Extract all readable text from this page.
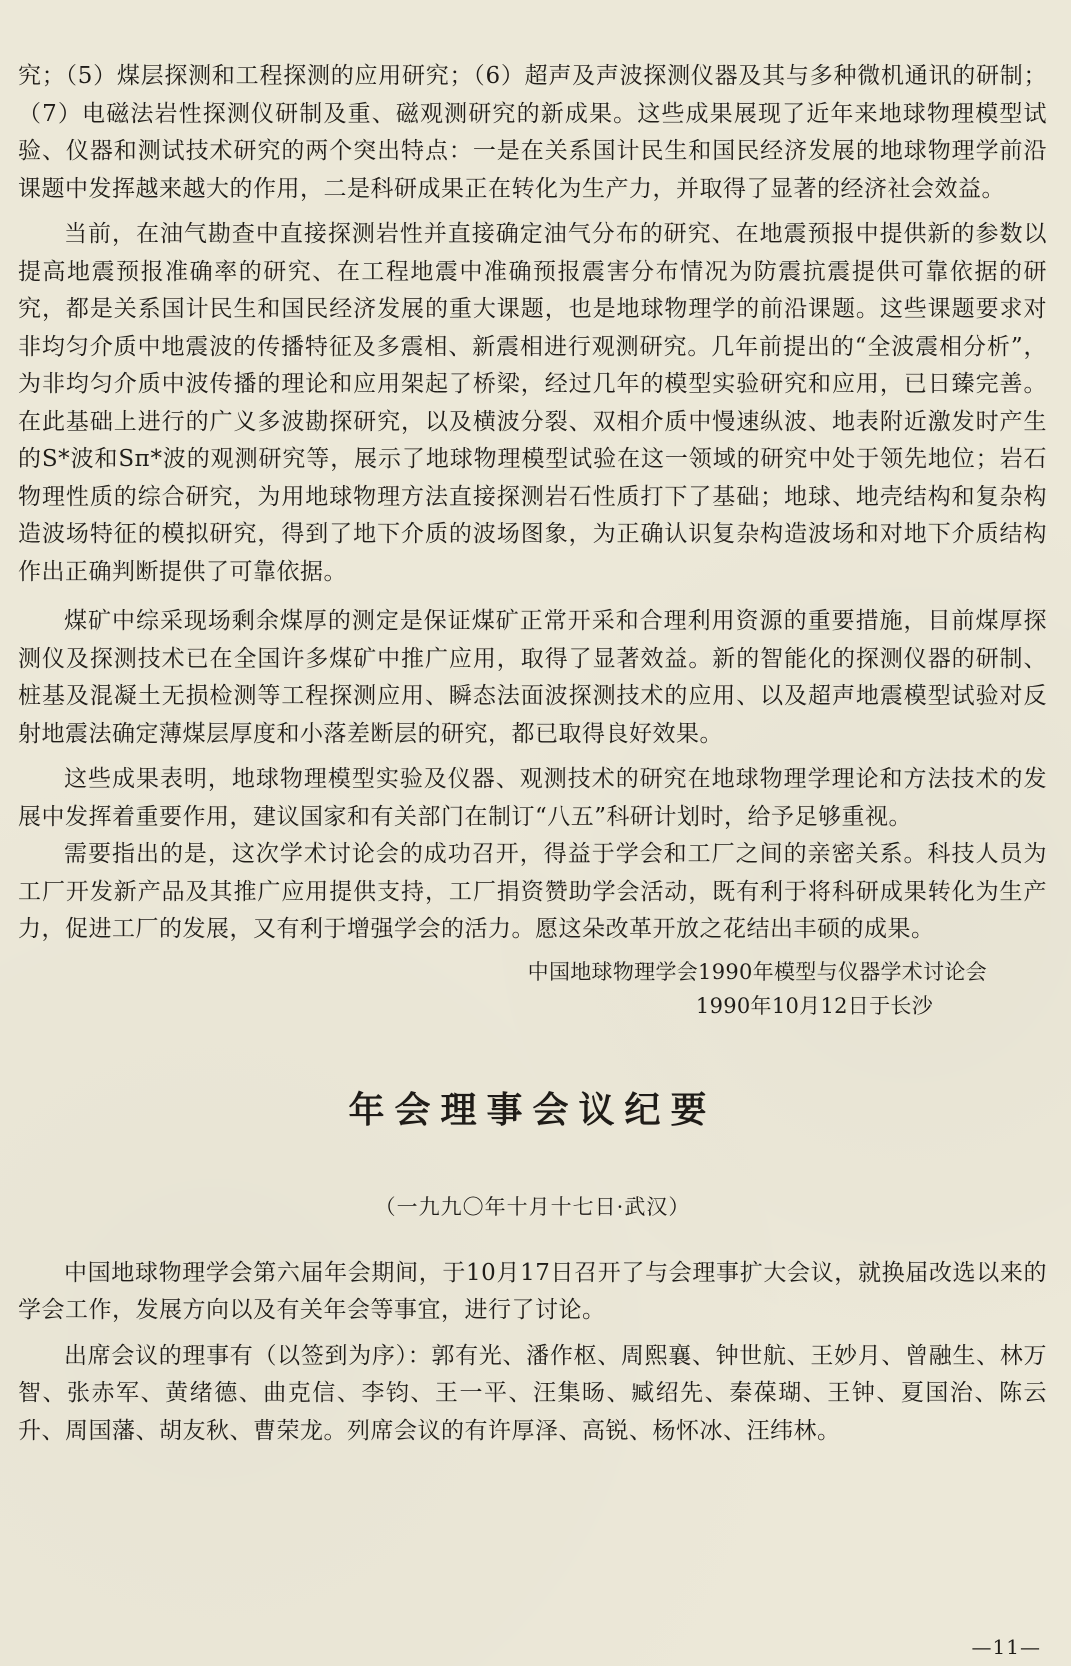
究；（5）煤层探测和工程探测的应用研究；（6）超声及声波探测仪器及其与多种微机通讯的研制；（7）电磁法岩性探测仪研制及重、磁观测研究的新成果。这些成果展现了近年来地球物理模型试验、仪器和测试技术研究的两个突出特点：一是在关系国计民生和国民经济发展的地球物理学前沿课题中发挥越来越大的作用，二是科研成果正在转化为生产力，并取得了显著的经济社会效益。

当前，在油气勘查中直接探测岩性并直接确定油气分布的研究、在地震预报中提供新的参数以提高地震预报准确率的研究、在工程地震中准确预报震害分布情况为防震抗震提供可靠依据的研究，都是关系国计民生和国民经济发展的重大课题，也是地球物理学的前沿课题。这些课题要求对非均匀介质中地震波的传播特征及多震相、新震相进行观测研究。几年前提出的“全波震相分析”，为非均匀介质中波传播的理论和应用架起了桥梁，经过几年的模型实验研究和应用，已日臻完善。在此基础上进行的广义多波勘探研究，以及横波分裂、双相介质中慢速纵波、地表附近激发时产生的S*波和Sп*波的观测研究等，展示了地球物理模型试验在这一领域的研究中处于领先地位；岩石物理性质的综合研究，为用地球物理方法直接探测岩石性质打下了基础；地球、地壳结构和复杂构造波场特征的模拟研究，得到了地下介质的波场图象，为正确认识复杂构造波场和对地下介质结构作出正确判断提供了可靠依据。

煤矿中综采现场剩余煤厚的测定是保证煤矿正常开采和合理利用资源的重要措施，目前煤厚探测仪及探测技术已在全国许多煤矿中推广应用，取得了显著效益。新的智能化的探测仪器的研制、桩基及混凝土无损检测等工程探测应用、瞬态法面波探测技术的应用、以及超声地震模型试验对反射地震法确定薄煤层厚度和小落差断层的研究，都已取得良好效果。

这些成果表明，地球物理模型实验及仪器、观测技术的研究在地球物理学理论和方法技术的发展中发挥着重要作用，建议国家和有关部门在制订“八五”科研计划时，给予足够重视。

需要指出的是，这次学术讨论会的成功召开，得益于学会和工厂之间的亲密关系。科技人员为工厂开发新产品及其推广应用提供支持，工厂捐资赞助学会活动，既有利于将科研成果转化为生产力，促进工厂的发展，又有利于增强学会的活力。愿这朵改革开放之花结出丰硕的成果。

中国地球物理学会1990年模型与仪器学术讨论会
1990年10月12日于长沙
年会理事会议纪要
（一九九〇年十月十七日·武汉）

中国地球物理学会第六届年会期间，于10月17日召开了与会理事扩大会议，就换届改选以来的学会工作，发展方向以及有关年会等事宜，进行了讨论。

出席会议的理事有（以签到为序）：郭有光、潘作枢、周熙襄、钟世航、王妙月、曾融生、林万智、张赤军、黄绪德、曲克信、李钧、王一平、汪集旸、臧绍先、秦葆瑚、王钟、夏国治、陈云升、周国藩、胡友秋、曹荣龙。列席会议的有许厚泽、高锐、杨怀冰、汪纬林。

—11—
